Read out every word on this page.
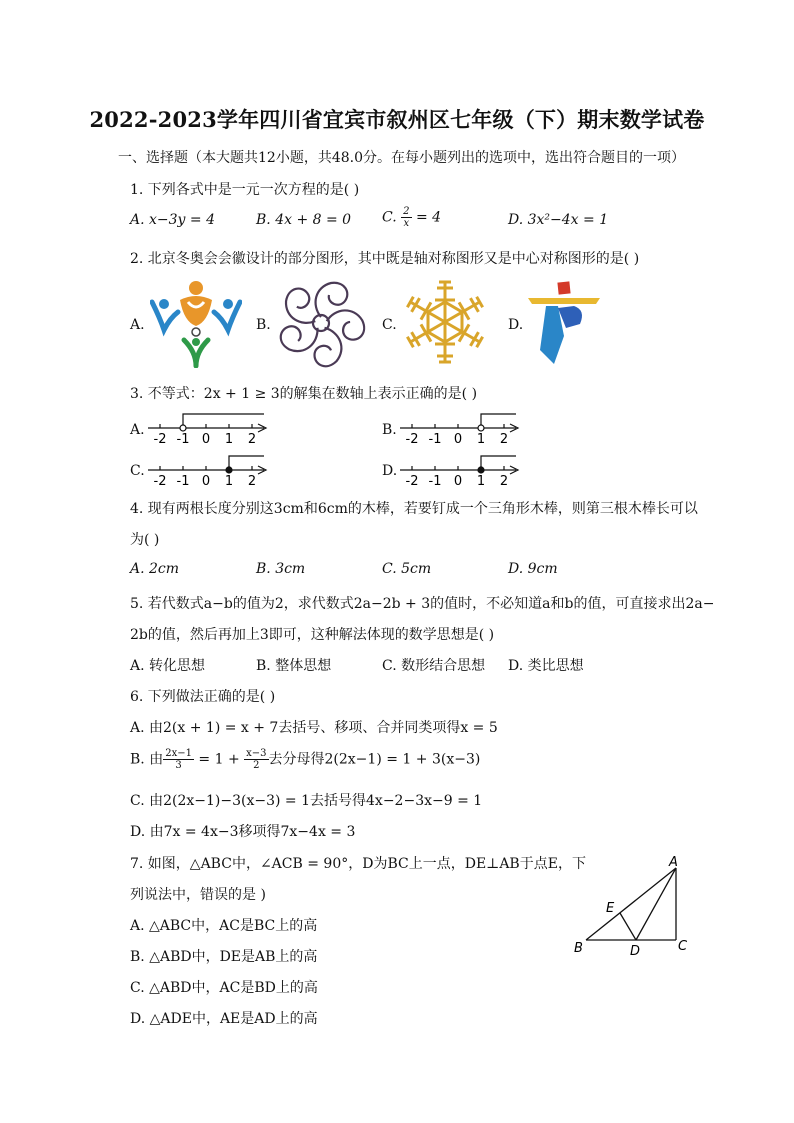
2022-2023学年四川省宜宾市叙州区七年级（下）期末数学试卷
一、选择题（本大题共12小题，共48.0分。在每小题列出的选项中，选出符合题目的一项）
1. 下列各式中是一元一次方程的是( )
A. x−3y = 4	B. 4x + 8 = 0 C. $\frac{2}{x} = 4$	D. 3x²−4x = 1
2. 北京冬奥会会徽设计的部分图形，其中既是轴对称图形又是中心对称图形的是( )
A.	B.	C.	D.
3. 不等式：2x + 1 ≥ 3的解集在数轴上表示正确的是( )
A.	B.
C.	D.
-2 -1 0 1 2	-2 -1 0 1 2
-2 -1 0 1 2	-2 -1 0 1 2
4. 现有两根长度分别这3cm和6cm的木棒，若要钉成一个三角形木棒，则第三根木棒长可以
为( )
A. 2cm	B. 3cm	C. 5cm	D. 9cm
5. 若代数式a−b的值为2，求代数式2a−2b + 3的值时，不必知道a和b的值，可直接求出2a−
2b的值，然后再加上3即可，这种解法体现的数学思想是( )
A. 转化思想	B. 整体思想	C. 数形结合思想 D. 类比思想
6. 下列做法正确的是( )
A. 由2(x + 1) = x + 7去括号、移项、合并同类项得x = 5
B. 由 $\frac{2x-1}{3} = 1 + \frac{x-3}{2}$ 去分母得2(2x−1) = 1 + 3(x−3)
C. 由2(2x−1)−3(x−3) = 1去括号得4x−2−3x−9 = 1
D. 由7x = 4x−3移项得7x−4x = 3
7. 如图，△ABC中，∠ACB = 90°，D为BC上一点，DE⊥AB于点E，下
列说法中，错误的是 )
A. △ABC中，AC是BC上的高
B. △ABD中，DE是AB上的高
C. △ABD中，AC是BD上的高
D. △ADE中，AE是AD上的高
A
E
B	D	C
